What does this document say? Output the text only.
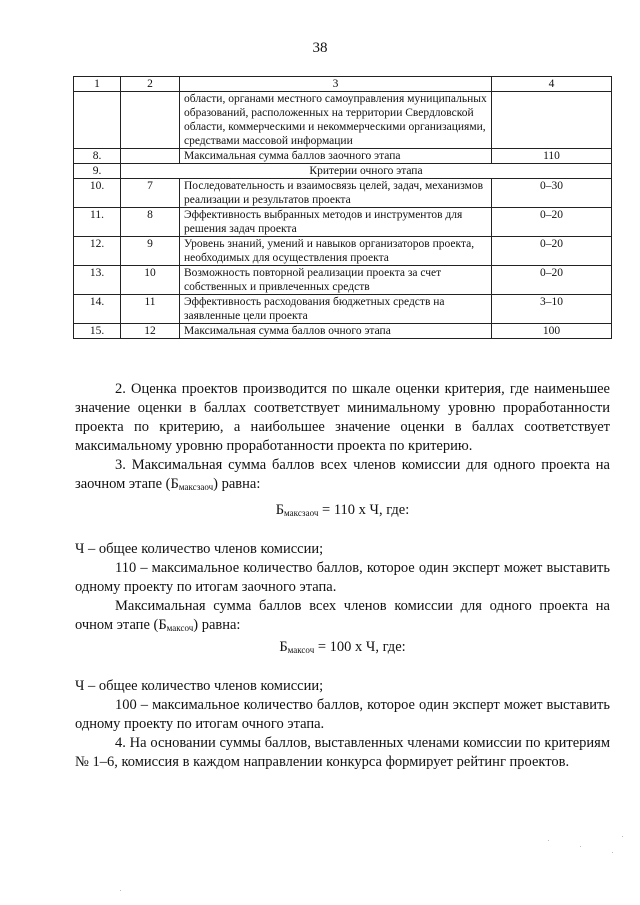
38
1	2	3	4
		области, органами местного самоуправления муниципальных образований, расположенных на территории Свердловской области, коммерческими и некоммерческими организациями, средствами массовой информации	
8.		Максимальная сумма баллов заочного этапа	110
9.	Критерии очного этапа		
10.	7	Последовательность и взаимосвязь целей, задач, механизмов реализации и результатов проекта	0–30
11.	8	Эффективность выбранных методов и инструментов для решения задач проекта	0–20
12.	9	Уровень знаний, умений и навыков организаторов проекта, необходимых для осуществления проекта	0–20
13.	10	Возможность повторной реализации проекта за счет собственных и привлеченных средств	0–20
14.	11	Эффективность расходования бюджетных средств на заявленные цели проекта	3–10
15.	12	Максимальная сумма баллов очного этапа	100

2. Оценка проектов производится по шкале оценки критерия, где наименьшее значение оценки в баллах соответствует минимальному уровню проработанности проекта по критерию, а наибольшее значение оценки в баллах соответствует максимальному уровню проработанности проекта по критерию.

3. Максимальная сумма баллов всех членов комиссии для одного проекта на заочном этапе $(Б_{максзаоч})$ равна:

$Б_{максзаоч} = 110$ х Ч, где:

Ч – общее количество членов комиссии;

110 – максимальное количество баллов, которое один эксперт может выставить одному проекту по итогам заочного этапа.

Максимальная сумма баллов всех членов комиссии для одного проекта на очном этапе $(Б_{максоч})$ равна:

$Б_{максоч} = 100$ х Ч, где:

Ч – общее количество членов комиссии;

100 – максимальное количество баллов, которое один эксперт может выставить одному проекту по итогам очного этапа.

4. На основании суммы баллов, выставленных членами комиссии по критериям № 1–6, комиссия в каждом направлении конкурса формирует рейтинг проектов.
